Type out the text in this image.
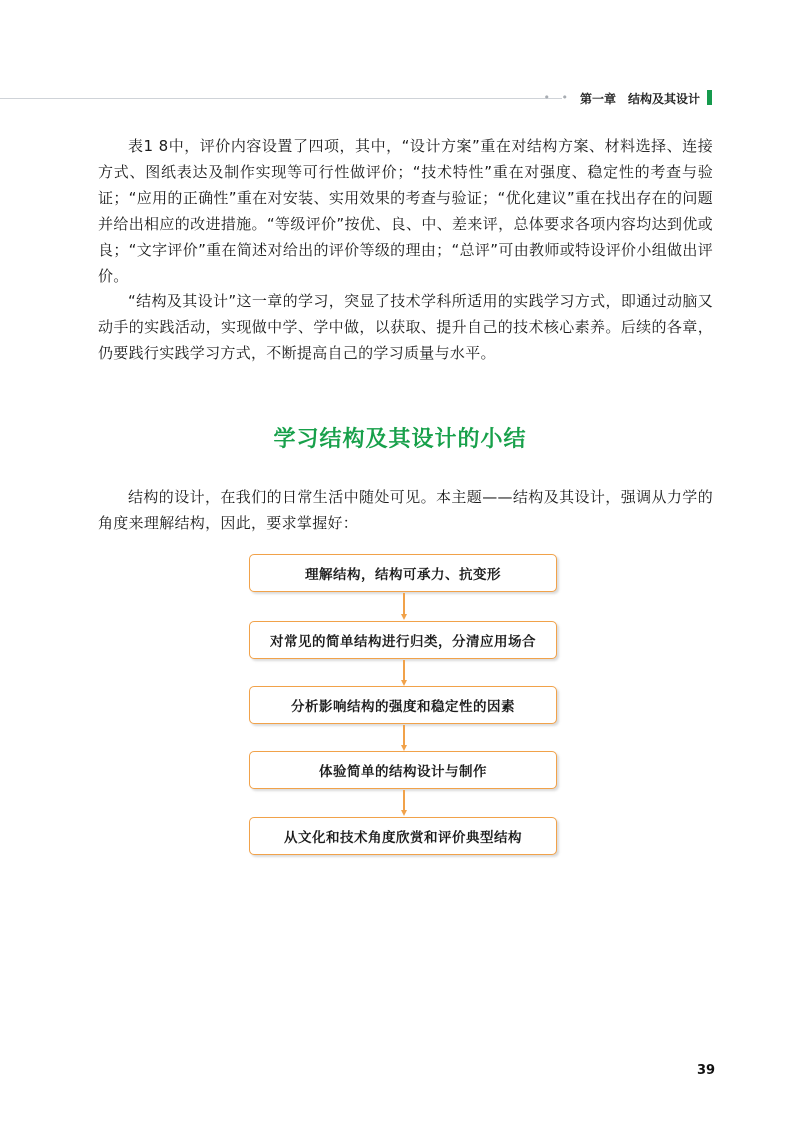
• • 第一章 结构及其设计

表1 8中，评价内容设置了四项，其中，“设计方案”重在对结构方案、材料选择、连接方式、图纸表达及制作实现等可行性做评价；“技术特性”重在对强度、稳定性的考查与验证；“应用的正确性”重在对安装、实用效果的考查与验证；“优化建议”重在找出存在的问题并给出相应的改进措施。“等级评价”按优、良、中、差来评，总体要求各项内容均达到优或良；“文字评价”重在简述对给出的评价等级的理由；“总评”可由教师或特设评价小组做出评价。

“结构及其设计”这一章的学习，突显了技术学科所适用的实践学习方式，即通过动脑又动手的实践活动，实现做中学、学中做，以获取、提升自己的技术核心素养。后续的各章，仍要践行实践学习方式，不断提高自己的学习质量与水平。

学习结构及其设计的小结

结构的设计，在我们的日常生活中随处可见。本主题——结构及其设计，强调从力学的角度来理解结构，因此，要求掌握好：

理解结构，结构可承力、抗变形
对常见的简单结构进行归类，分清应用场合
分析影响结构的强度和稳定性的因素
体验简单的结构设计与制作
从文化和技术角度欣赏和评价典型结构
39
